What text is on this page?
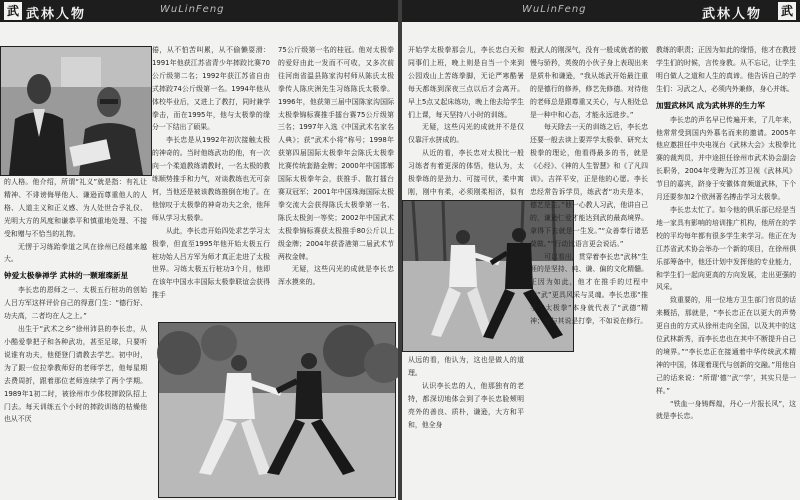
武 武林人物	WuLinFeng

的人格。他介绍，所谓“礼义”就是指：有礼让精神、不诽谤侮辱他人、谦逊而尊重他人的人格、人道主义和正义感、为人处世合乎礼仪、光明大方的风度和谦恭平和慎重地处理、不接受和赠与不恰当的礼物。

无愣于习练跆拳道之风在徐州已经越来越大。

钟爱太极拳禅学 武林的一颗璀璨新星

李长忠的恩师之一、太极五行桩功的创始人吕方军这样评价自己的得意门生：“德行好、功夫高，二者均在人之上。”

出生于“武术之乡”徐州沛县的李长忠，从小酷爱拳把子和各种武功，甚至足球，只要听说谁有功夫，他便登门请教去学艺。初中时，为了跟一位拉拳教师好的老师学艺，他每星期去费周折，跟着那位老师连续学了两个学期。1989年1初二时，被徐州市少体校摔跤队招上门去。每天训练五个小时的摔跤训练的枯燥他也从不厌

倦，从不怕苦叫累，从不偷懒耍滑：1991年他获江苏省青少年摔跤比赛70公斤级第二名；1992年获江苏省自由式摔跤74公斤级第一名。1994年他从体校毕业后，又进上了教打，同时兼学拳击，而在1995年，他与太极拳的缘分一下结出了硕果。

李长忠是从1992年初次接触太极的神奇的。当时他练武功的他，有一次向一个柔道教练请教时，一名太极的教练顺势推手和力气，对谈教练也无可奈何，当他还是被该教练推倒在地了。在他惊叹于太极拳的神奇功夫之余，他拜师从学习太极拳。

从此，李长忠开始四处求艺学习太极拳，但直至1995年他开始太极五行桩功始人吕方军为师才真正走进了太极世界。习练太极五行桩功3个月，他即在该年中国水丰国际太极拳联谊会获得推手

75公斤级第一名的桂冠。他对太极拳的爱好由此一发而不可收，又多次前往河南省温县陈家沟村师从陈氏太极拳传人陈庆洲先生习练陈氏太极拳。1996年，他获第三届中国陈家沟国际太极拳锦标赛推手擂台赛75公斤级第三名；1997年入选《中国武术名家名人典》；获“武术小将”称号；1998年获第四届国际太极拳年会陈氏太极拳比赛传统套路金牌；2000年中国邯郸国际太极拳年会，获推手、散打擂台赛双冠军；2001年中国珠海国际太极拳交流大会获得陈氏太极拳第一名、陈氏太极剑一等奖；2002年中国武术太极拳锦标赛获太极推手80公斤以上级金牌；2004年获香港第二届武术节两枚金牌。

无疑，这些闪光的成就是李长忠浑水摸来的。

WuLinFeng	武林人物 武

开始学太极拳那会儿，李长忠白天和同事们上班，晚上则是自当一个来到公园戏山上苦练拳脚，无论严寒酷暑每天都练到深夜三点以后才会离开。早上5点又起床练功，晚上他去给学生们上课，每天坚持八小时的训练。

无疑，这些闪光的成就并不是仅仅靠汗水拼成的。

从近的看，李长忠对太极比一般习练者有着更深的体悟，他认为，太极拳练的是劲力、可接可伏，柔中寓刚，刚中有柔，必须刚柔相济，似有

从远的看，他认为，这也是做人的道理。

认识李长忠的人，他那独有的老特，都深切地体会到了李长忠脸颊明亮外的善良、质朴，谦逊，大方和平和，他全身

般武人的刚深气，没有一般成就者的傲慢与骄矜，英俊的小伙子身上表现出来是质朴和谦逊，“我从练武开始最注重的是德行的修养，修艺先修德。对待他的老师总是跟尊重又关心，与人相处总是一种中和心态，才能永远进步。”

每天除去一天的训练之后，李长忠还要一般去读上要弄学太极拳、研究太极拳的理论，他看得最多的书，就是《心经》、《神的人生智慧》和《了凡四训》。吉祥平安，正是他的心愿。李长忠经常告诉学员，练武者“功夫是本，德艺是主。”他一心教人习武，他讲自己的，谦逊仁爱才能达到武的最高境界。拿得下去就是一生发。”“众善奉行诸恶莫做。”“行动比语言更会说话。”

可以看出，贯穿着李长忠“武林”生涯的是坚持、纯、谦、偏的文化精髓。正因为如此，他才在推手的过程中使“武”更具风采与灵魂。李长忠那“推手”“太极拳”本身就代表了“武德”精神；他与其说是打拳，不如说在修行。

教练的职责；正因为如此的缘悟，他才在教授学生们的时候，言传身教。从不忘记，让学生明白做人之道和人生的真谛。他告诉自己的学生们：习武之人，必须内外兼修，身心并练。

加盟武林风 成为武林界的生力军

李长忠的声名早已传遍开来，了几年来，他常常受到国内外慕名而来的邀请。2005年他应邀担任中央电视台《武林大会》太极拳比赛的裁判员，并中途担任徐州市武术协会副会长职务，2004年受聘为江苏卫视《武林风》节目的嘉宾，跻身于安徽体育频道武林，下个月还要参加2个欧洲著名搏击学习太极拳。

李长忠太忙了。如今他的俱乐部已经是当地一家具有影响的培训推广机构，他所在的学校的平均每年都有很多学生来学习。他正在为江苏省武术协会举办一个新的项目，在徐州俱乐部筹备中，他还计划中发挥他的专业能力，和学生们一起向更高的方向发展，走出更强的风采。

致重要的，用一位地方卫生部门官员的话来概括，那就是，“李长忠正在以更大的声势更自由的方式从徐州走向全国，以及其中的这位武林新秀，而李长忠也在其中不断提升自己的境界。”“李长忠正在接通着中华传统武术精神的中国，体现着现代与创新的交融。”用他自己的话来说：“所谓‘德’‘武’‘学’，其实只是一样。”

“铁血一身铸辉煌，丹心一片报长风”，这就是李长忠。
